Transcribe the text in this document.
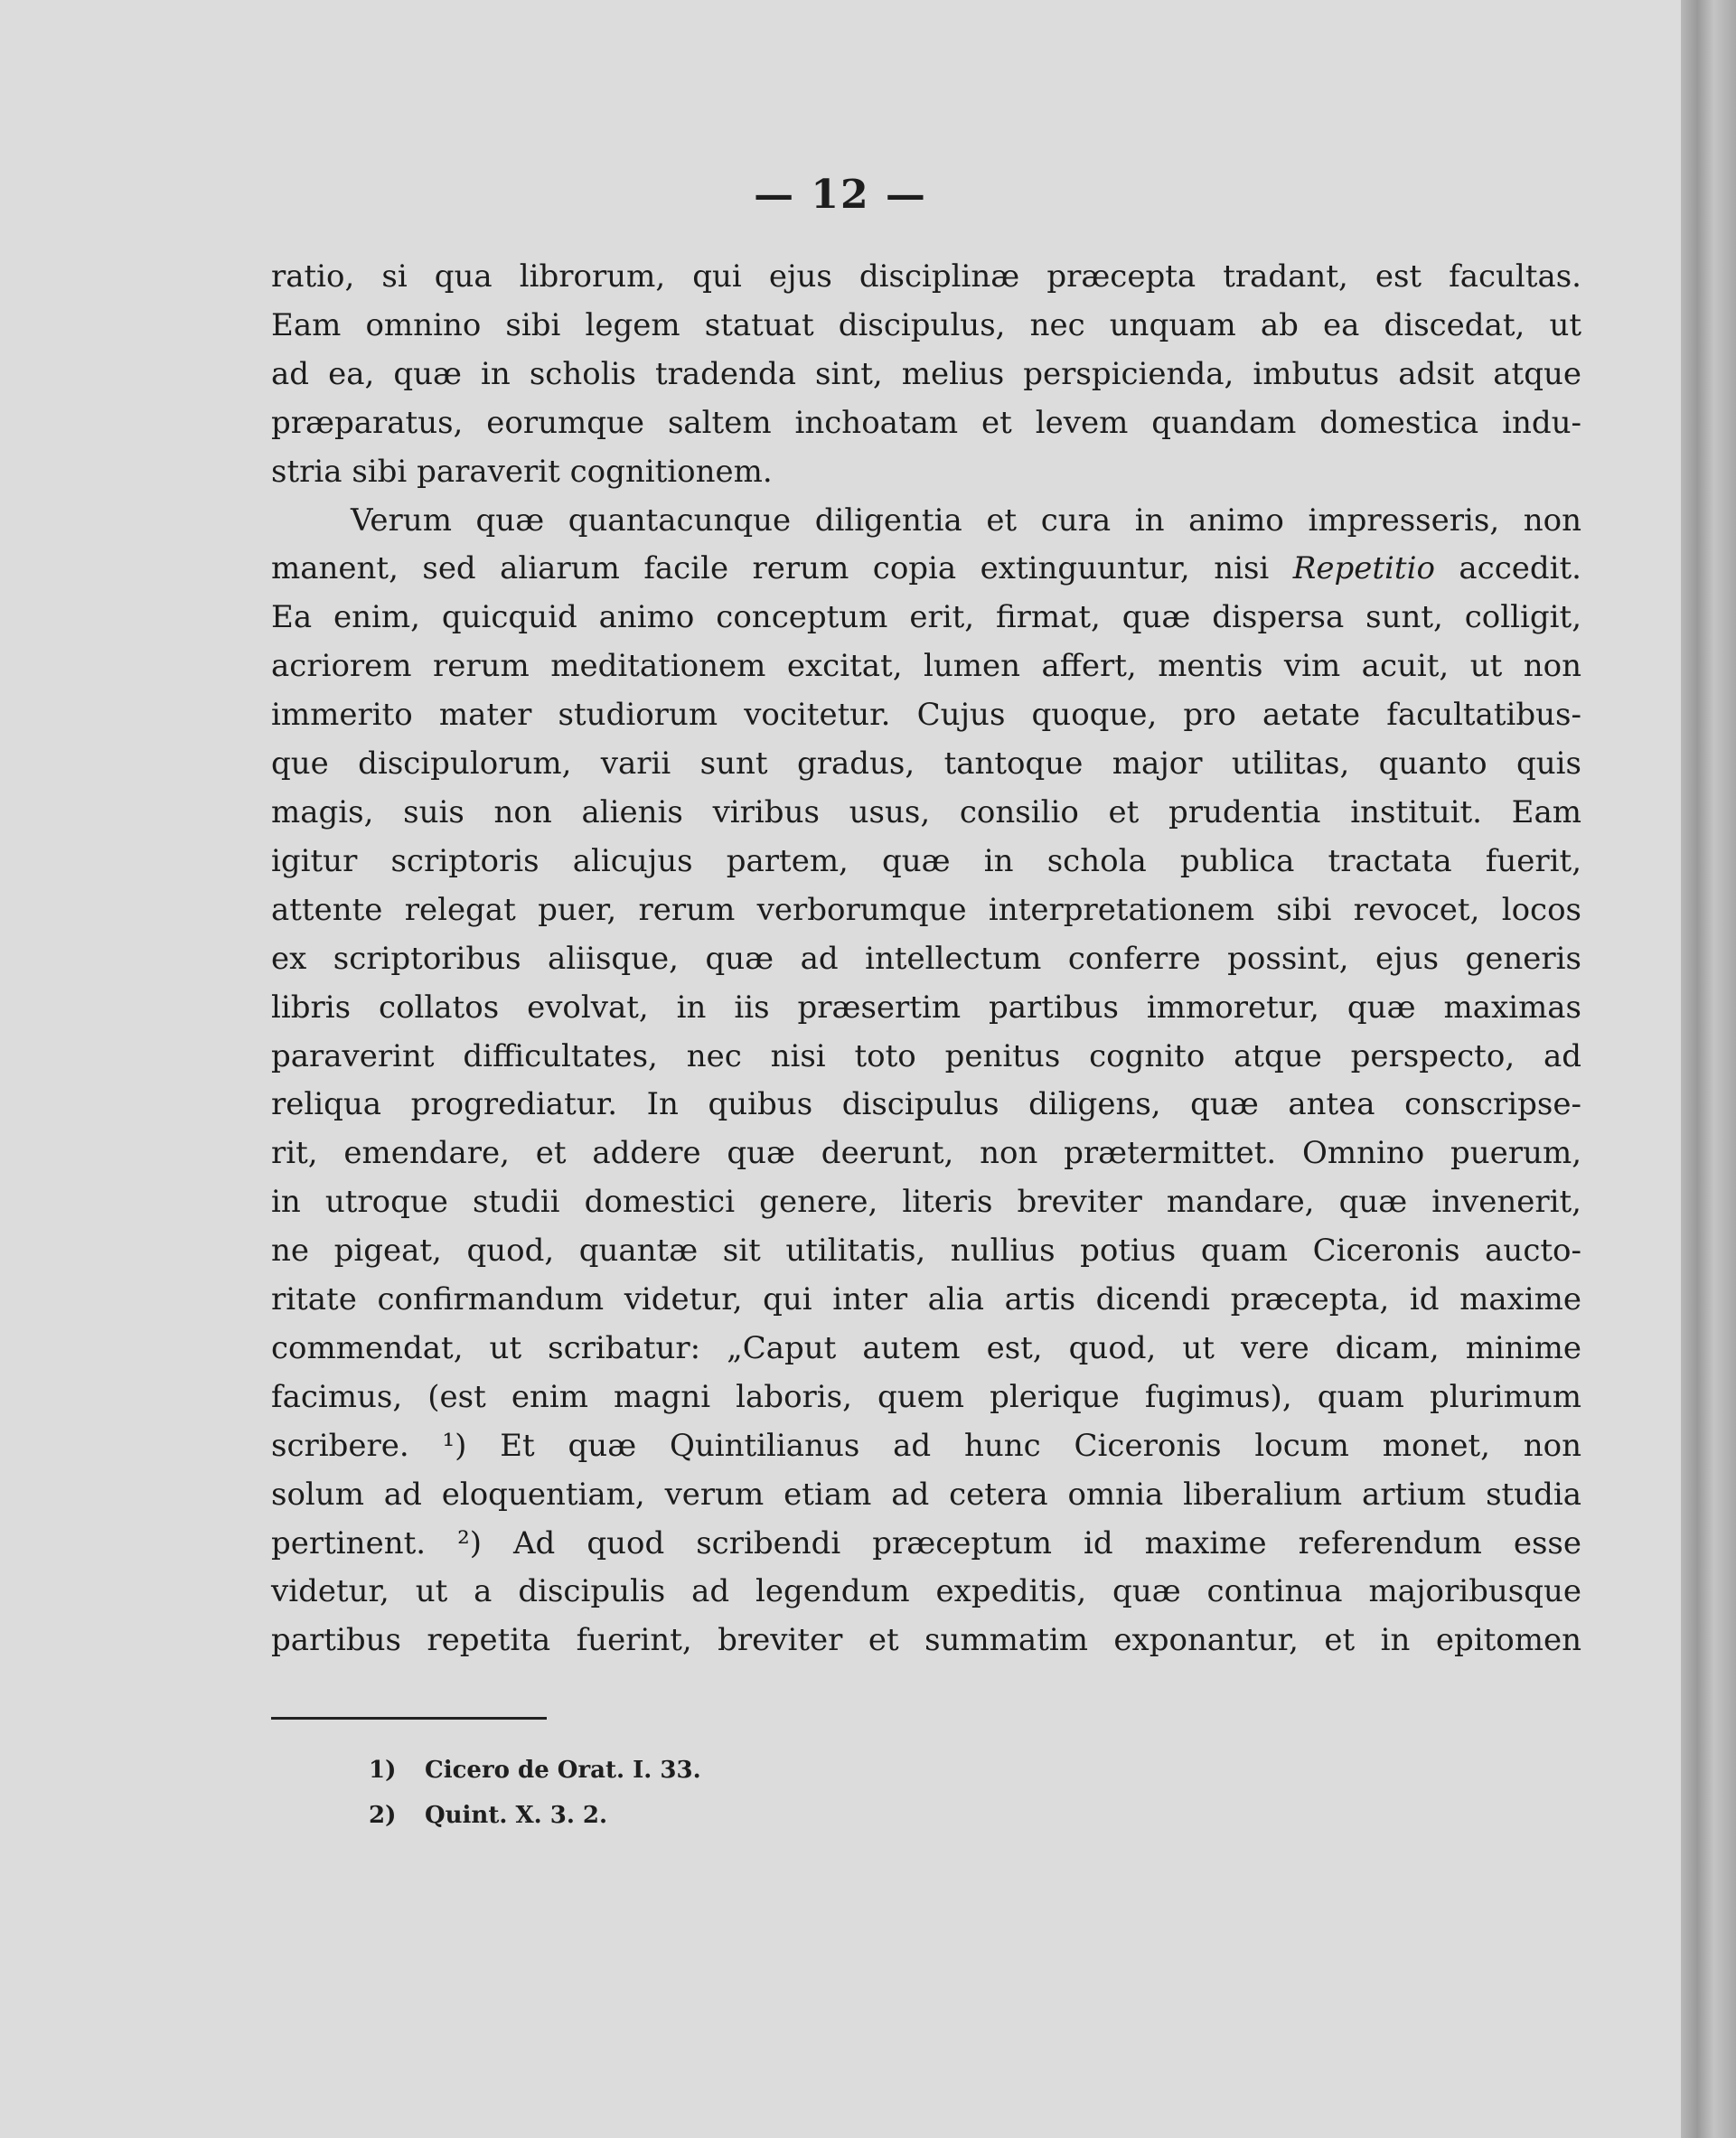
— 12 —
ratio, si qua librorum, qui ejus disciplinæ præcepta tradant, est facultas.
Eam omnino sibi legem statuat discipulus, nec unquam ab ea discedat, ut
ad ea, quæ in scholis tradenda sint, melius perspicienda, imbutus adsit atque
præparatus, eorumque saltem inchoatam et levem quandam domestica indu-
stria sibi paraverit cognitionem.
Verum quæ quantacunque diligentia et cura in animo impresseris, non
manent, sed aliarum facile rerum copia extinguuntur, nisi Repetitio accedit.
Ea enim, quicquid animo conceptum erit, firmat, quæ dispersa sunt, colligit,
acriorem rerum meditationem excitat, lumen affert, mentis vim acuit, ut non
immerito mater studiorum vocitetur. Cujus quoque, pro aetate facultatibus-
que discipulorum, varii sunt gradus, tantoque major utilitas, quanto quis
magis, suis non alienis viribus usus, consilio et prudentia instituit. Eam
igitur scriptoris alicujus partem, quæ in schola publica tractata fuerit,
attente relegat puer, rerum verborumque interpretationem sibi revocet, locos
ex scriptoribus aliisque, quæ ad intellectum conferre possint, ejus generis
libris collatos evolvat, in iis præsertim partibus immoretur, quæ maximas
paraverint difficultates, nec nisi toto penitus cognito atque perspecto, ad
reliqua progrediatur. In quibus discipulus diligens, quæ antea conscripse-
rit, emendare, et addere quæ deerunt, non prætermittet. Omnino puerum,
in utroque studii domestici genere, literis breviter mandare, quæ invenerit,
ne pigeat, quod, quantæ sit utilitatis, nullius potius quam Ciceronis aucto-
ritate confirmandum videtur, qui inter alia artis dicendi præcepta, id maxime
commendat, ut scribatur: „Caput autem est, quod, ut vere dicam, minime
facimus, (est enim magni laboris, quem plerique fugimus), quam plurimum
scribere. ¹) Et quæ Quintilianus ad hunc Ciceronis locum monet, non
solum ad eloquentiam, verum etiam ad cetera omnia liberalium artium studia
pertinent. ²) Ad quod scribendi præceptum id maxime referendum esse
videtur, ut a discipulis ad legendum expeditis, quæ continua majoribusque
partibus repetita fuerint, breviter et summatim exponantur, et in epitomen
1) Cicero de Orat. I. 33.
2) Quint. X. 3. 2.
